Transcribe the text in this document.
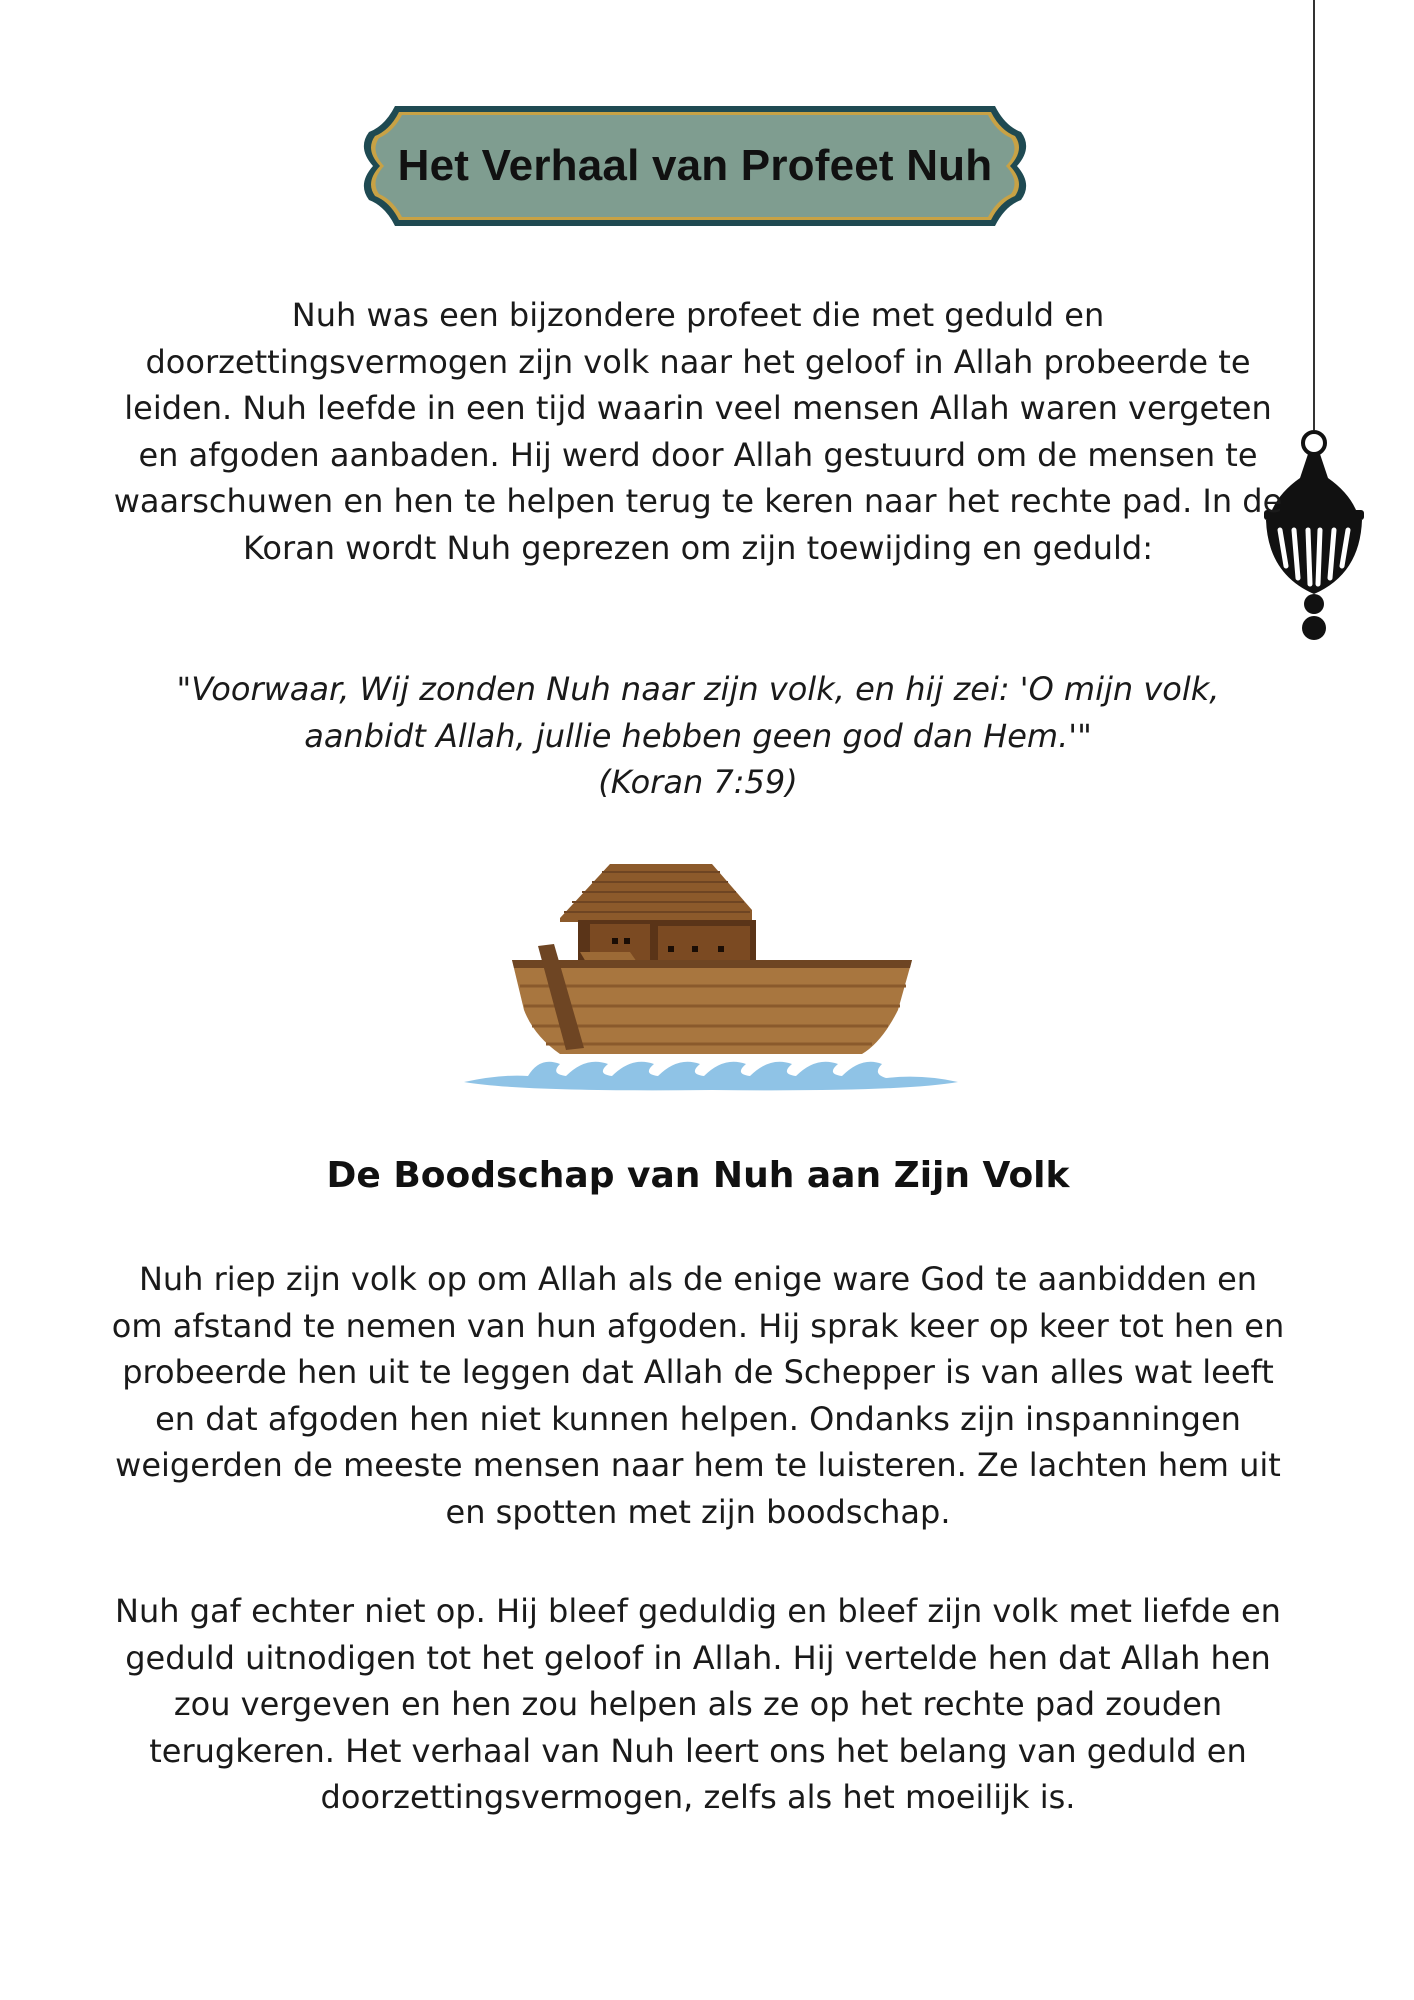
Het Verhaal van Profeet Nuh

Nuh was een bijzondere profeet die met geduld en doorzettingsvermogen zijn volk naar het geloof in Allah probeerde te leiden. Nuh leefde in een tijd waarin veel mensen Allah waren vergeten en afgoden aanbaden. Hij werd door Allah gestuurd om de mensen te waarschuwen en hen te helpen terug te keren naar het rechte pad. In de Koran wordt Nuh geprezen om zijn toewijding en geduld:

"Voorwaar, Wij zonden Nuh naar zijn volk, en hij zei: 'O mijn volk,
aanbidt Allah, jullie hebben geen god dan Hem.'"
(Koran 7:59)

De Boodschap van Nuh aan Zijn Volk

Nuh riep zijn volk op om Allah als de enige ware God te aanbidden en om afstand te nemen van hun afgoden. Hij sprak keer op keer tot hen en probeerde hen uit te leggen dat Allah de Schepper is van alles wat leeft en dat afgoden hen niet kunnen helpen. Ondanks zijn inspanningen weigerden de meeste mensen naar hem te luisteren. Ze lachten hem uit en spotten met zijn boodschap.

Nuh gaf echter niet op. Hij bleef geduldig en bleef zijn volk met liefde en geduld uitnodigen tot het geloof in Allah. Hij vertelde hen dat Allah hen zou vergeven en hen zou helpen als ze op het rechte pad zouden terugkeren. Het verhaal van Nuh leert ons het belang van geduld en doorzettingsvermogen, zelfs als het moeilijk is.
